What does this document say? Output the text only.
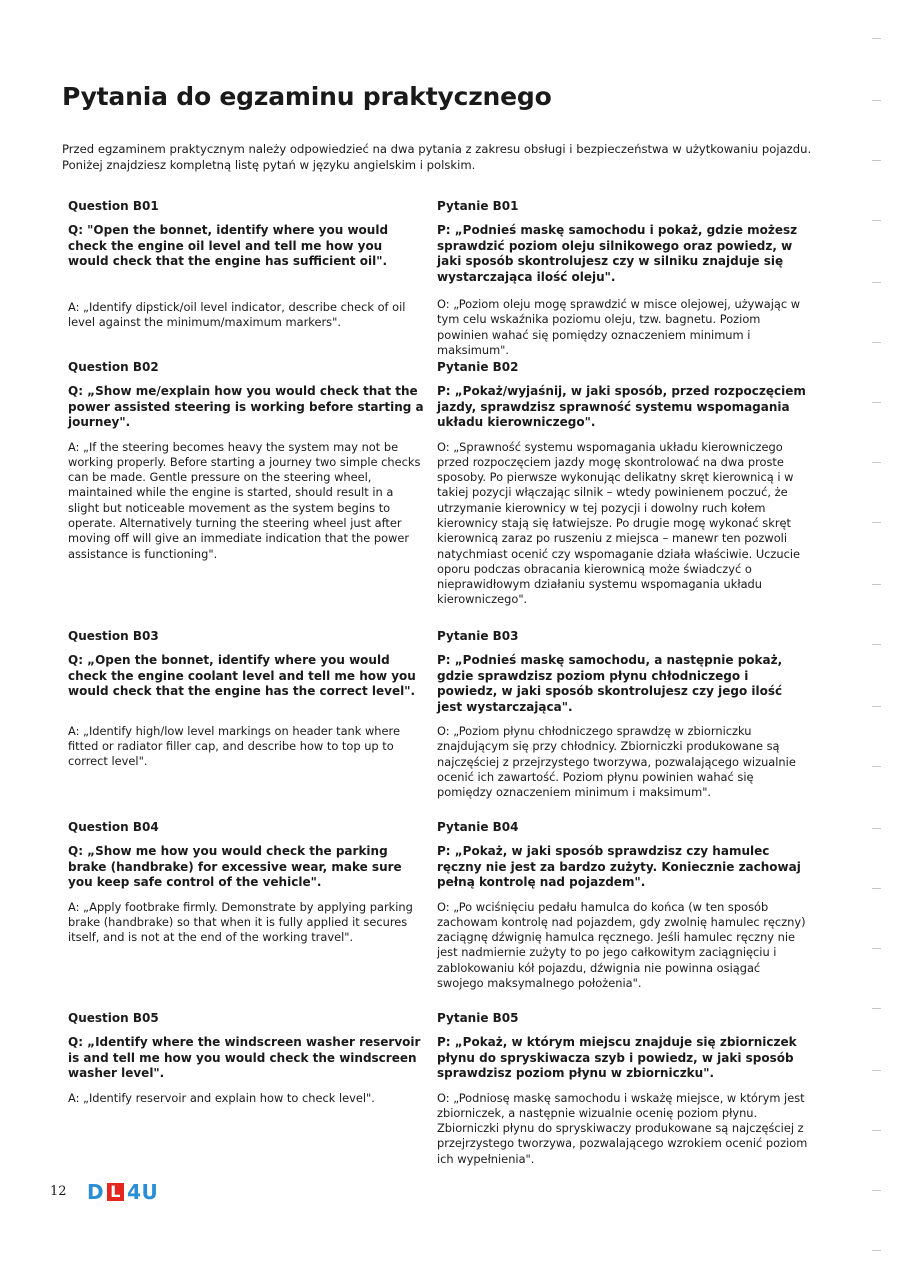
Pytania do egzaminu praktycznego

Przed egzaminem praktycznym należy odpowiedzieć na dwa pytania z zakresu obsługi i bezpieczeństwa w użytkowaniu pojazdu.

Poniżej znajdziesz kompletną listę pytań w języku angielskim i polskim.

Question B01
Q: "Open the bonnet, identify where you would check the engine oil level and tell me how you would check that the engine has sufficient oil".
A: „Identify dipstick/oil level indicator, describe check of oil level against the minimum/maximum markers".
Pytanie B01
P: „Podnieś maskę samochodu i pokaż, gdzie możesz sprawdzić poziom oleju silnikowego oraz powiedz, w jaki sposób skontrolujesz czy w silniku znajduje się wystarczająca ilość oleju".
O: „Poziom oleju mogę sprawdzić w miscе olejowej, używając w tym celu wskaźnika poziomu oleju, tzw. bagnetu. Poziom powinien wahać się pomiędzy oznaczeniem minimum i maksimum".
Question B02
Q: „Show me/explain how you would check that the power assisted steering is working before starting a journey".
A: „If the steering becomes heavy the system may not be working properly. Before starting a journey two simple checks can be made. Gentle pressure on the steering wheel, maintained while the engine is started, should result in a slight but noticeable movement as the system begins to operate. Alternatively turning the steering wheel just after moving off will give an immediate indication that the power assistance is functioning".
Pytanie B02
P: „Pokaż/wyjaśnij, w jaki sposób, przed rozpoczęciem jazdy, sprawdzisz sprawność systemu wspomagania układu kierowniczego".
O: „Sprawność systemu wspomagania układu kierowniczego przed rozpoczęciem jazdy mogę skontrolować na dwa proste sposoby. Po pierwsze wykonując delikatny skręt kierownicą i w takiej pozycji włączając silnik – wtedy powinienem poczuć, że utrzymanie kierownicy w tej pozycji i dowolny ruch kołem kierownicy stają się łatwiejsze. Po drugie mogę wykonać skręt kierownicą zaraz po ruszeniu z miejsca – manewr ten pozwoli natychmiast ocenić czy wspomaganie działa właściwie. Uczucie oporu podczas obracania kierownicą może świadczyć o nieprawidłowym działaniu systemu wspomagania układu kierowniczego".
Question B03
Q: „Open the bonnet, identify where you would check the engine coolant level and tell me how you would check that the engine has the correct level".
A: „Identify high/low level markings on header tank where fitted or radiator filler cap, and describe how to top up to correct level".
Pytanie B03
P: „Podnieś maskę samochodu, a następnie pokaż, gdzie sprawdzisz poziom płynu chłodniczego i powiedz, w jaki sposób skontrolujesz czy jego ilość jest wystarczająca".
O: „Poziom płynu chłodniczego sprawdzę w zbiorniczku znajdującym się przy chłodnicy. Zbiorniczki produkowane są najczęściej z przejrzystego tworzywa, pozwalającego wizualnie ocenić ich zawartość. Poziom płynu powinien wahać się pomiędzy oznaczeniem minimum i maksimum".
Question B04
Q: „Show me how you would check the parking brake (handbrake) for excessive wear, make sure you keep safe control of the vehicle".
A: „Apply footbrake firmly. Demonstrate by applying parking brake (handbrake) so that when it is fully applied it secures itself, and is not at the end of the working travel".
Pytanie B04
P: „Pokaż, w jaki sposób sprawdzisz czy hamulec ręczny nie jest za bardzo zużyty. Koniecznie zachowaj pełną kontrolę nad pojazdem".
O: „Po wciśnięciu pedału hamulca do końca (w ten sposób zachowam kontrolę nad pojazdem, gdy zwolnię hamulec ręczny) zaciągnę dźwignię hamulca ręcznego. Jeśli hamulec ręczny nie jest nadmiernie zużyty to po jego całkowitym zaciągnięciu i zablokowaniu kół pojazdu, dźwignia nie powinna osiągać swojego maksymalnego położenia".
Question B05
Q: „Identify where the windscreen washer reservoir is and tell me how you would check the windscreen washer level".
A: „Identify reservoir and explain how to check level".
Pytanie B05
P: „Pokaż, w którym miejscu znajduje się zbiorniczek płynu do spryskiwacza szyb i powiedz, w jaki sposób sprawdzisz poziom płynu w zbiorniczku".
O: „Podniosę maskę samochodu i wskażę miejsce, w którym jest zbiorniczek, a następnie wizualnie ocenię poziom płynu. Zbiorniczki płynu do spryskiwaczy produkowane są najczęściej z przejrzystego tworzywa, pozwalającego wzrokiem ocenić poziom ich wypełnienia".
12 D L 4U
